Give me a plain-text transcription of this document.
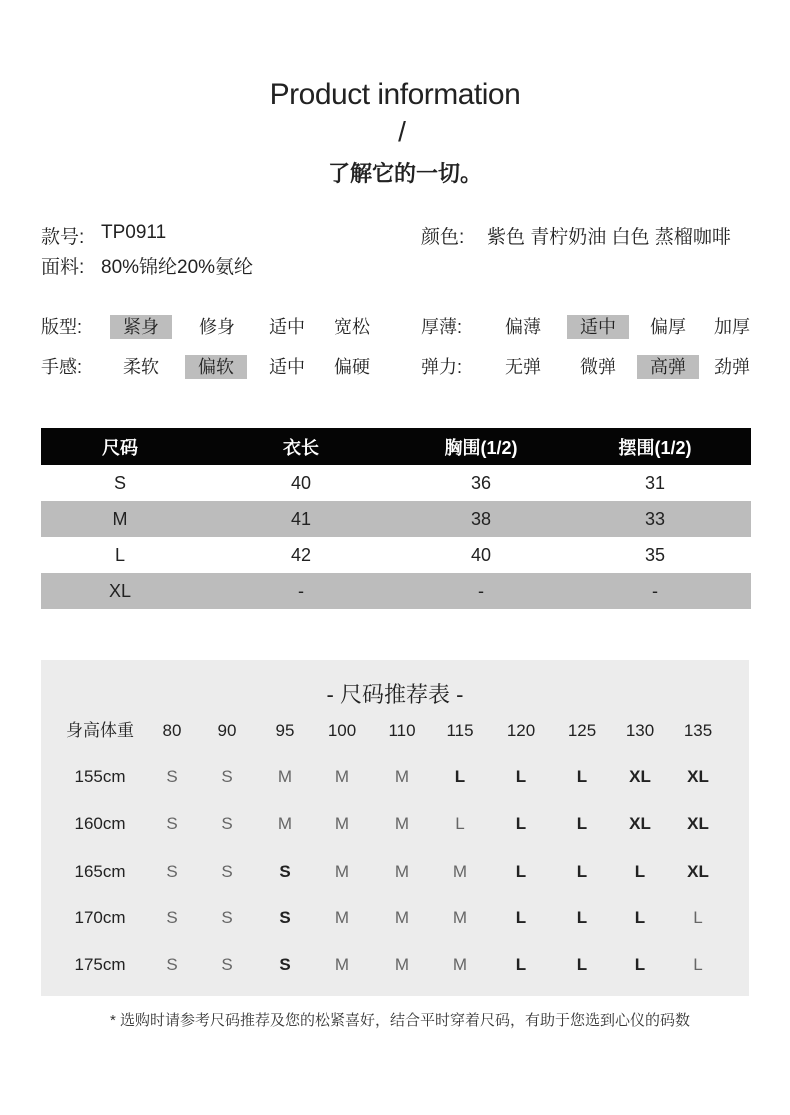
Product information
/
了解它的一切。
款号: TP0911
面料: 80%锦纶20%氨纶
颜色: 紫色 青柠奶油 白色 蒸榴咖啡
版型:	紧身	修身	适中	宽松	厚薄:	偏薄	适中	偏厚	加厚
手感:	柔软	偏软	适中	偏硬	弹力:	无弹	微弹	高弹	劲弹
尺码	衣长	胸围(1/2)	摆围(1/2)
S	40	36	31
M	41	38	33
L	42	40	35
XL	-	-	-
- 尺码推荐表 -
身高体重	80	90	95	100	110	115	120	125	130	135
155cm	S	S	M	M	M	L	L	L	XL	XL
160cm	S	S	M	M	M	L	L	L	XL	XL
165cm	S	S	S	M	M	M	L	L	L	XL
170cm	S	S	S	M	M	M	L	L	L	L
175cm	S	S	S	M	M	M	L	L	L	L
* 选购时请参考尺码推荐及您的松紧喜好，结合平时穿着尺码，有助于您选到心仪的码数
